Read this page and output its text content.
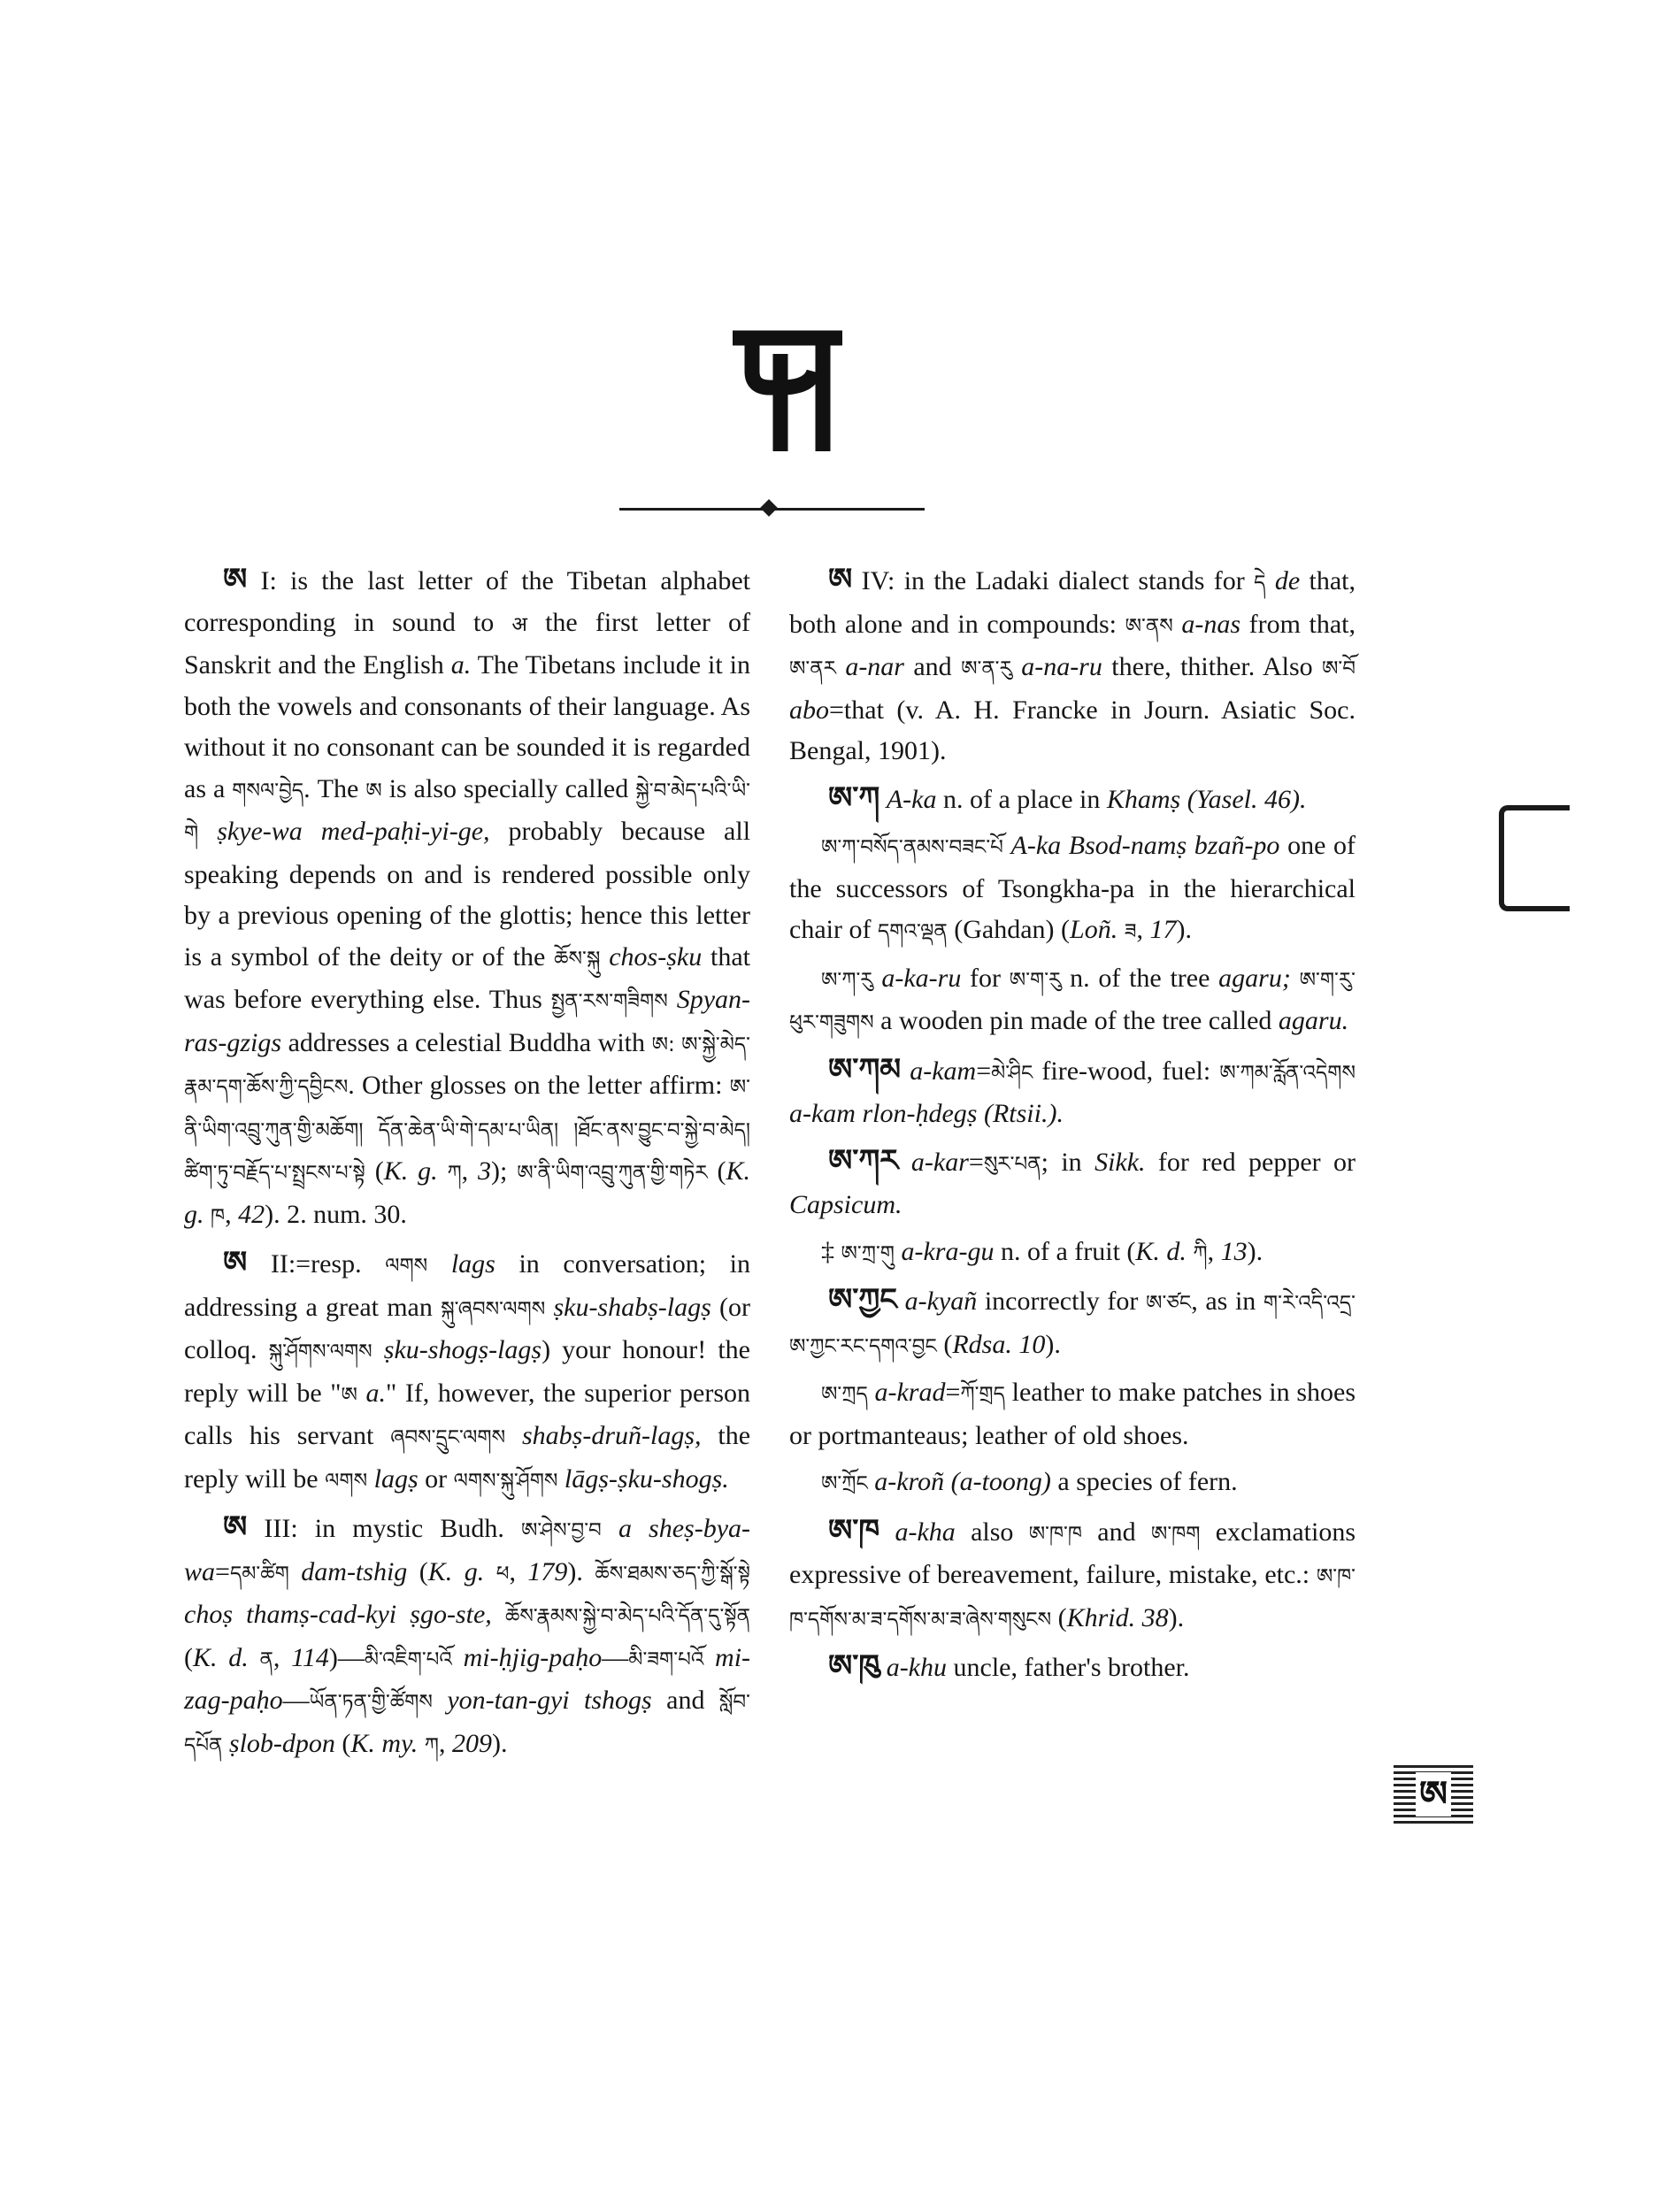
ཨ I: is the last letter of the Tibetan alphabet corresponding in sound to अ the first letter of Sanskrit and the English a. The Tibetans include it in both the vowels and consonants of their language. As without it no consonant can be sounded it is regarded as a གསལ་བྱེད. The ཨ is also specially called སྐྱེ་བ་མེད་པའི་ཡི་གེ ṣkye-wa med-paḥi-yi-ge, probably because all speaking depends on and is rendered possible only by a previous opening of the glottis; hence this letter is a symbol of the deity or of the ཆོས་སྐུ chos-ṣku that was before everything else. Thus སྤྱན་རས་གཟིགས Spyan-ras-gzigs addresses a celestial Buddha with ཨ: ཨ་སྐྱེ་མེད་རྣམ་དག་ཆོས་ཀྱི་དབྱིངས. Other glosses on the letter affirm: ཨ་ནི་ཡིག་འབྲུ་ཀུན་གྱི་མཆོག། དོན་ཆེན་ཡི་གེ་དམ་པ་ཡིན། །ཐོང་ནས་བྱུང་བ་སྐྱེ་བ་མེད། ཚིག་ཏུ་བརྗོད་པ་སྤྲངས་པ་སྟེ (K. g. ཀ, 3); ཨ་ནི་ཡིག་འབྲུ་ཀུན་གྱི་གཏེར (K. g. ཁ, 42). 2. num. 30.

ཨ II:=resp. ལགས lags in conversation; in addressing a great man སྐུ་ཞབས་ལགས ṣku-shabṣ-lagṣ (or colloq. སྐུ་ཤོགས་ལགས ṣku-shogṣ-lagṣ) your honour! the reply will be "ཨ a." If, however, the superior person calls his servant ཞབས་དྲུང་ལགས shabṣ-druñ-lagṣ, the reply will be ལགས lagṣ or ལགས་སྐུ་ཤོགས lāgṣ-ṣku-shogṣ.

ཨ III: in mystic Budh. ཨ་ཤེས་བྱ་བ a sheṣ-bya-wa=དམ་ཚིག dam-tshig (K. g. ཕ, 179). ཆོས་ཐམས་ཅད་ཀྱི་སྒོ་སྟེ choṣ thamṣ-cad-kyi ṣgo-ste, ཆོས་རྣམས་སྐྱེ་བ་མེད་པའི་དོན་དུ་སྟོན (K. d. ན, 114)—མི་འཇིག་པའོ mi-ḥjig-paḥo—མི་ཟག་པའོ mi-zag-paḥo—ཡོན་ཏན་གྱི་ཚོགས yon-tan-gyi tshogṣ and སློབ་དཔོན ṣlob-dpon (K. my. ཀ, 209).

ཨ IV: in the Ladaki dialect stands for དེ de that, both alone and in compounds: ཨ་ནས a-nas from that, ཨ་ནར a-nar and ཨ་ན་རུ a-na-ru there, thither. Also ཨ་བོ abo=that (v. A. H. Francke in Journ. Asiatic Soc. Bengal, 1901).

ཨ་ཀ A-ka n. of a place in Khamṣ (Yasel. 46).

ཨ་ཀ་བསོད་ནམས་བཟང་པོ A-ka Bsod-namṣ bzañ-po one of the successors of Tsongkha-pa in the hierarchical chair of དགའ་ལྡན (Gahdan) (Loñ. ཟ, 17).

ཨ་ཀ་རུ a-ka-ru for ཨ་ག་རུ n. of the tree agaru; ཨ་ག་རུ་ཕུར་གཟུགས a wooden pin made of the tree called agaru.

ཨ་ཀམ a-kam=མེ་ཤིང fire-wood, fuel: ཨ་ཀམ་རློན་འདེགས a-kam rlon-ḥdegṣ (Rtsii.).

ཨ་ཀར a-kar=སུར་པན; in Sikk. for red pepper or Capsicum.

‡ ཨ་ཀྲ་གུ a-kra-gu n. of a fruit (K. d. ཀི, 13).

ཨ་ཀྱང a-kyañ incorrectly for ཨ་ཙང, as in ག་རེ་འདི་འདྲ་ཨ་ཀྱང་རང་དགའ་བྱང (Rdsa. 10).

ཨ་ཀྲད a-krad=ཀོ་གྲད leather to make patches in shoes or portmanteaus; leather of old shoes.

ཨ་ཀྲོང a-kroñ (a-toong) a species of fern.

ཨ་ཁ a-kha also ཨ་ཁ་ཁ and ཨ་ཁག exclamations expressive of bereavement, failure, mistake, etc.: ཨ་ཁ་ཁ་དགོས་མ་ཟ་དགོས་མ་ཟ་ཞེས་གསུངས (Khrid. 38).

ཨ་ཁུ a-khu uncle, father's brother.

ཨ
